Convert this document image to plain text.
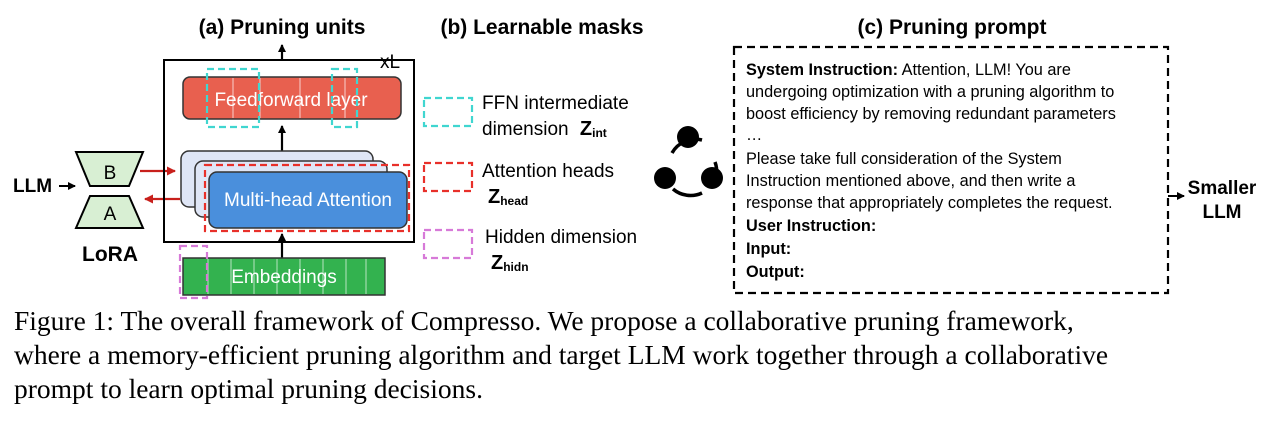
(a) Pruning units	(b) Learnable masks	(c) Pruning prompt
LLM
B
A
LoRA
xL
Feedforward layer
Multi-head Attention
Embeddings
FFN intermediate
dimension Zint
Attention heads
Zhead
Hidden dimension
Zhidn
System Instruction: Attention, LLM! You are
undergoing optimization with a pruning algorithm to
boost efficiency by removing redundant parameters
…
Please take full consideration of the System
Instruction mentioned above, and then write a
response that appropriately completes the request.
User Instruction:
Input:
Output:
Smaller
LLM
Figure 1: The overall framework of Compresso. We propose a collaborative pruning framework,
where a memory-efficient pruning algorithm and target LLM work together through a collaborative
prompt to learn optimal pruning decisions.
